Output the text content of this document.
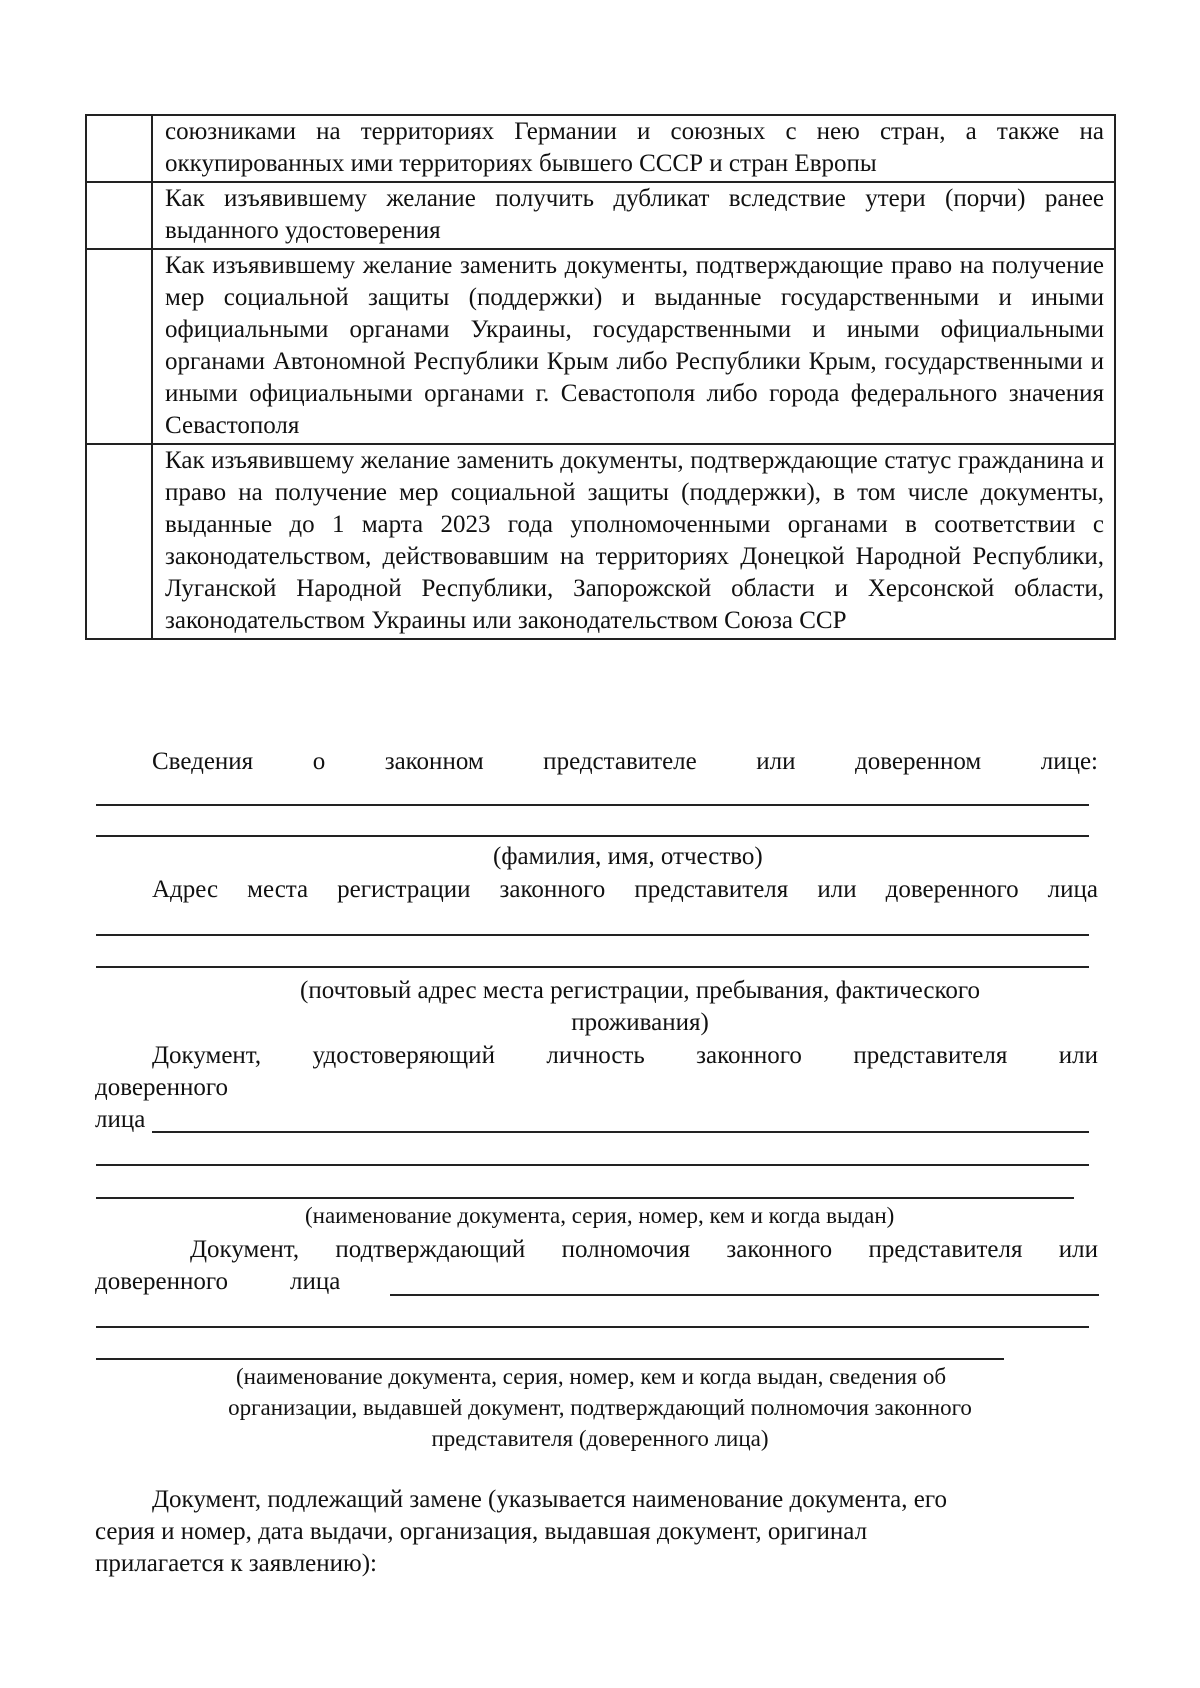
	союзниками на территориях Германии и союзных с нею стран, а также на оккупированных ими территориях бывшего СССР и стран Европы
	Как изъявившему желание получить дубликат вследствие утери (порчи) ранее выданного удостоверения
	Как изъявившему желание заменить документы, подтверждающие право на получение мер социальной защиты (поддержки) и выданные государственными и иными официальными органами Украины, государственными и иными официальными органами Автономной Республики Крым либо Республики Крым, государственными и иными официальными органами г. Севастополя либо города федерального значения Севастополя
	Как изъявившему желание заменить документы, подтверждающие статус гражданина и право на получение мер социальной защиты (поддержки), в том числе документы, выданные до 1 марта 2023 года уполномоченными органами в соответствии с законодательством, действовавшим на территориях Донецкой Народной Республики, Луганской Народной Республики, Запорожской области и Херсонской области, законодательством Украины или законодательством Союза ССР
Сведения о законном представителе или доверенном лице:
(фамилия, имя, отчество)
Адрес места регистрации законного представителя или доверенного лица
(почтовый адрес места регистрации, пребывания, фактического
проживания)
Документ, удостоверяющий личность законного представителя или
доверенного
лица
(наименование документа, серия, номер, кем и когда выдан)
Документ, подтверждающий полномочия законного представителя или
доверенного лица
(наименование документа, серия, номер, кем и когда выдан, сведения об
организации, выдавшей документ, подтверждающий полномочия законного
представителя (доверенного лица)
Документ, подлежащий замене (указывается наименование документа, его
серия и номер, дата выдачи, организация, выдавшая документ, оригинал
прилагается к заявлению):
